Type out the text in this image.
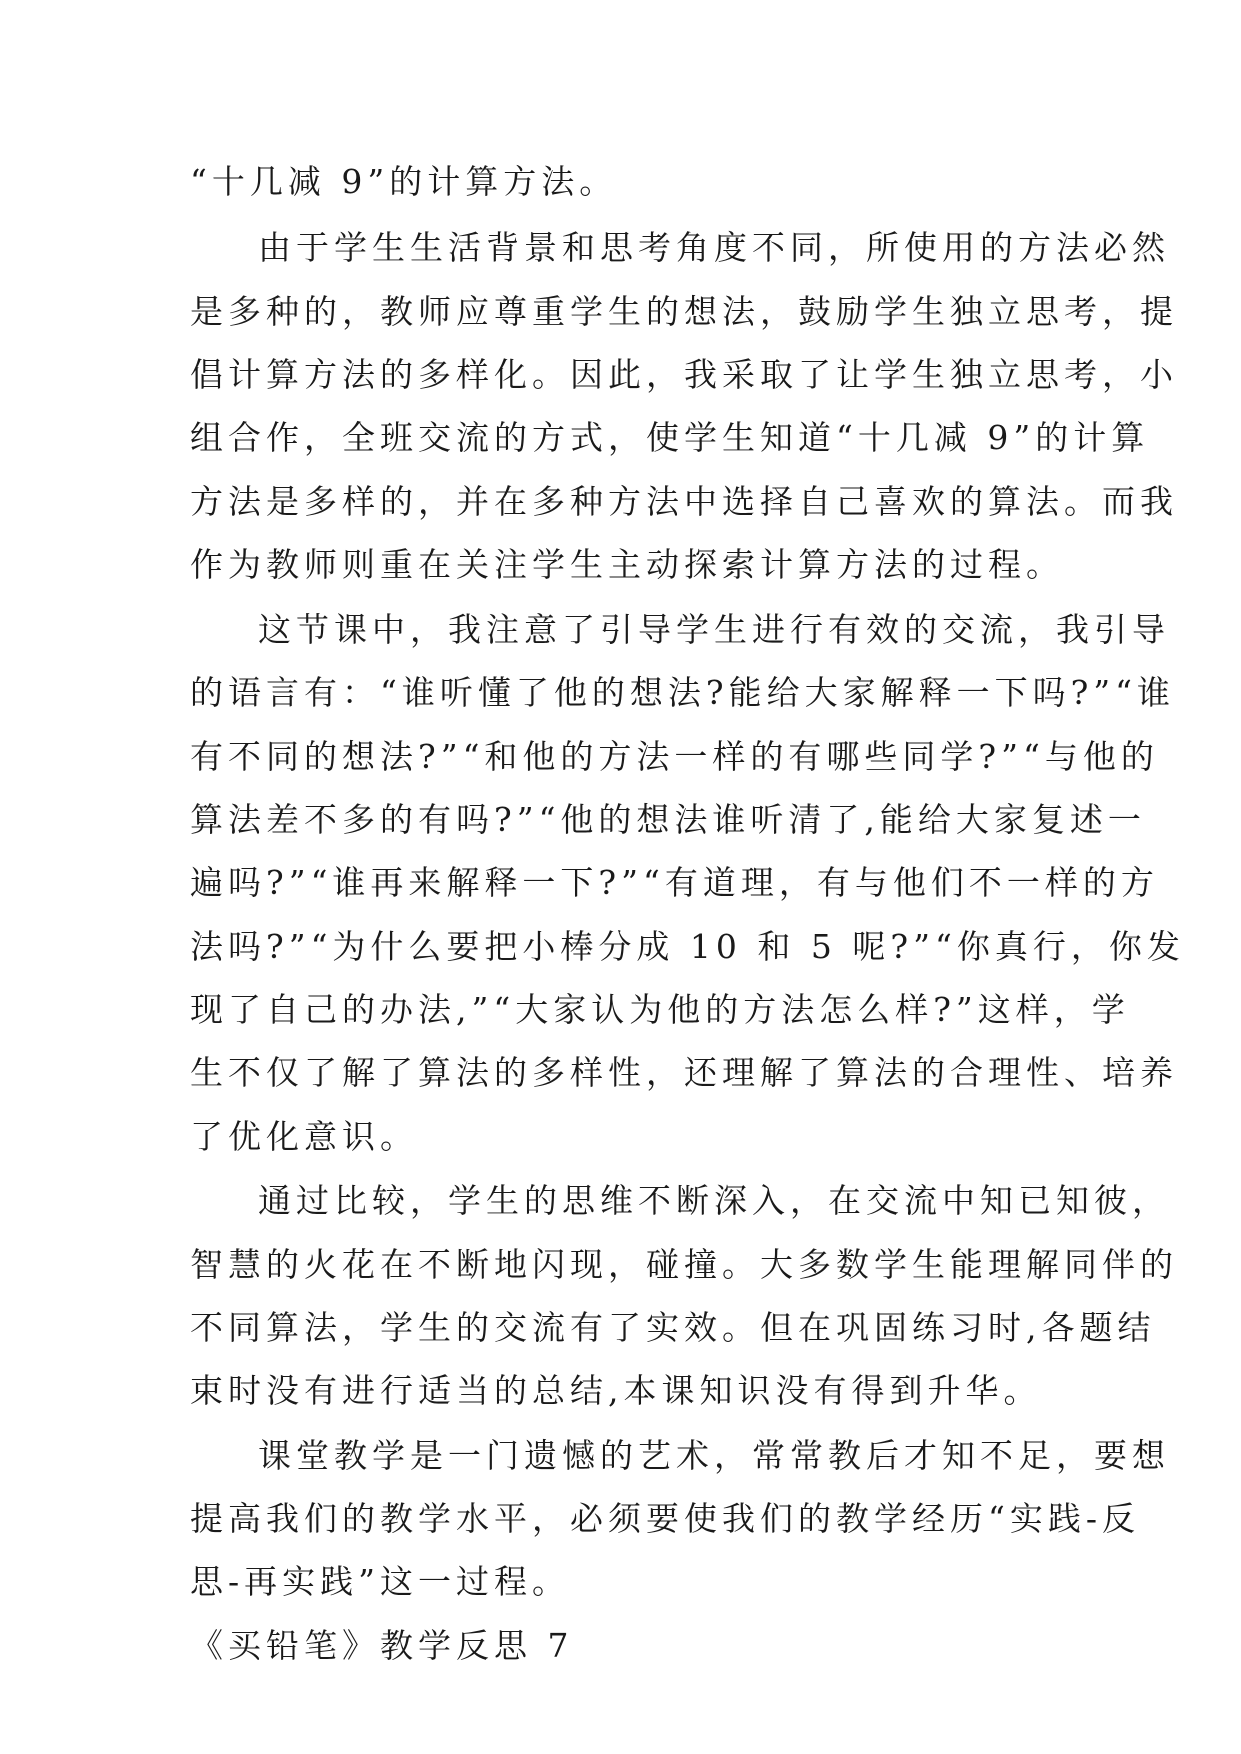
“十几减 9”的计算方法。
由于学生生活背景和思考角度不同，所使用的方法必然
是多种的，教师应尊重学生的想法，鼓励学生独立思考，提
倡计算方法的多样化。因此，我采取了让学生独立思考，小
组合作，全班交流的方式，使学生知道“十几减 9”的计算
方法是多样的，并在多种方法中选择自己喜欢的算法。而我
作为教师则重在关注学生主动探索计算方法的过程。
这节课中，我注意了引导学生进行有效的交流，我引导
的语言有：“谁听懂了他的想法?能给大家解释一下吗?”“谁
有不同的想法?”“和他的方法一样的有哪些同学?”“与他的
算法差不多的有吗?”“他的想法谁听清了,能给大家复述一
遍吗?”“谁再来解释一下?”“有道理，有与他们不一样的方
法吗?”“为什么要把小棒分成 10 和 5 呢?”“你真行，你发
现了自己的办法,”“大家认为他的方法怎么样?”这样，学
生不仅了解了算法的多样性，还理解了算法的合理性、培养
了优化意识。
通过比较，学生的思维不断深入，在交流中知已知彼，
智慧的火花在不断地闪现，碰撞。大多数学生能理解同伴的
不同算法，学生的交流有了实效。但在巩固练习时,各题结
束时没有进行适当的总结,本课知识没有得到升华。
课堂教学是一门遗憾的艺术，常常教后才知不足，要想
提高我们的教学水平，必须要使我们的教学经历“实践-反
思-再实践”这一过程。
《买铅笔》教学反思 7
